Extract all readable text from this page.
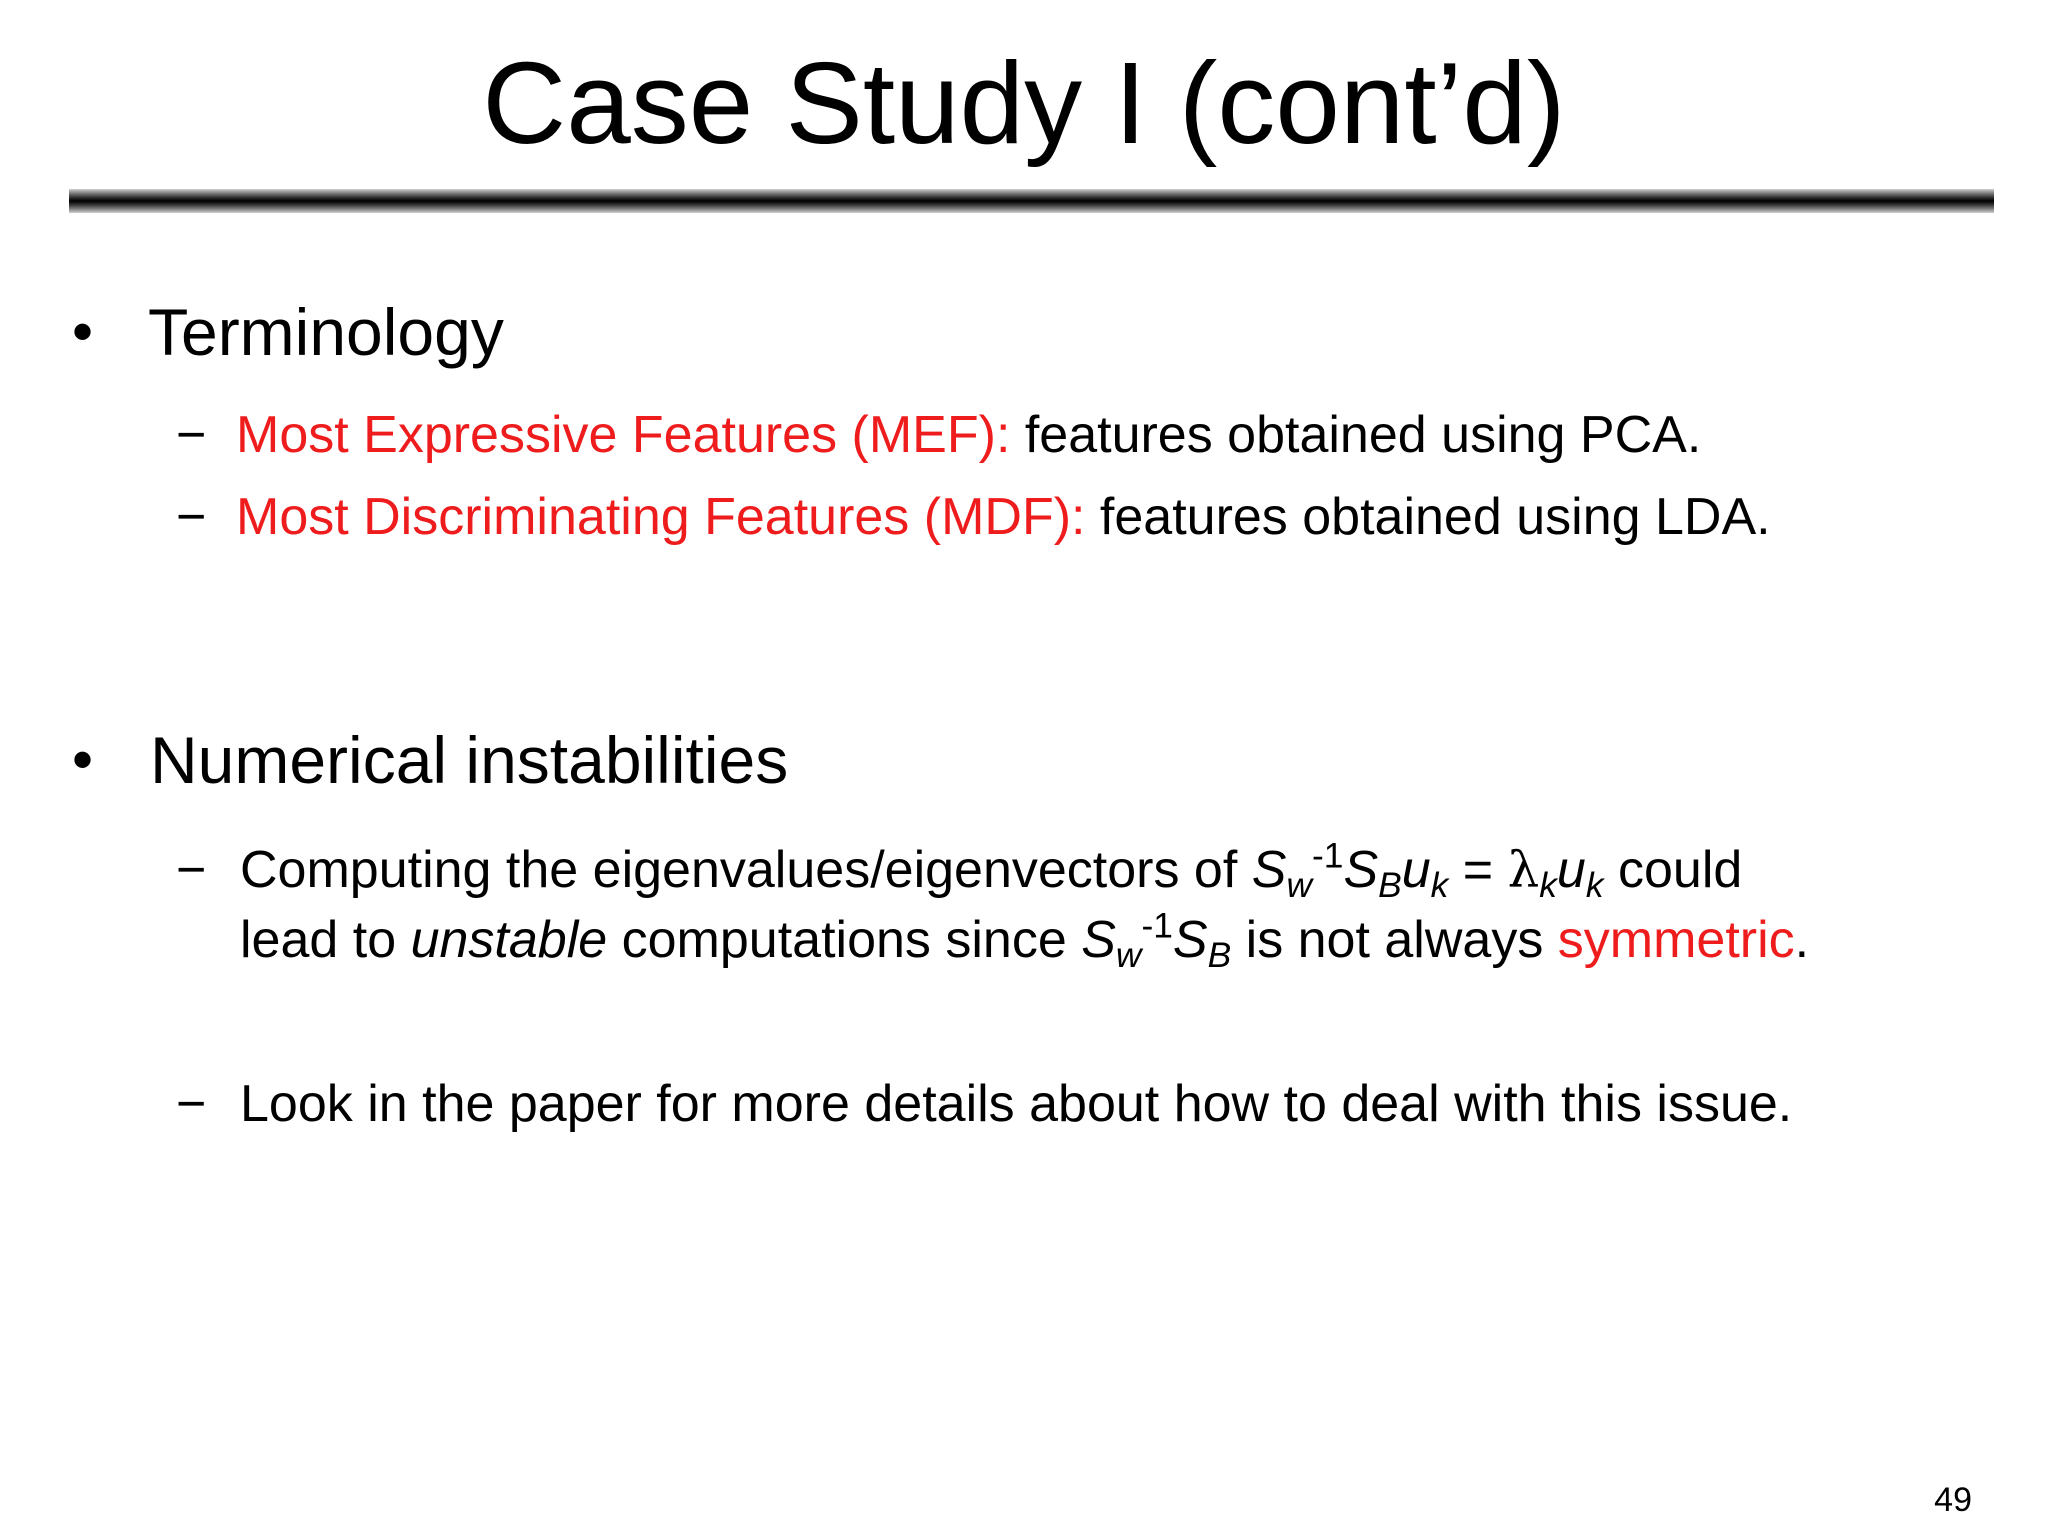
Case Study I (cont’d)
• Terminology
− Most Expressive Features (MEF): features obtained using PCA.
− Most Discriminating Features (MDF): features obtained using LDA.
• Numerical instabilities
− Computing the eigenvalues/eigenvectors of $S_w^{-1}S_Bu_k = \lambda_ku_k$ could
lead to unstable computations since $S_w^{-1}S_B$ is not always symmetric.
− Look in the paper for more details about how to deal with this issue.
49
